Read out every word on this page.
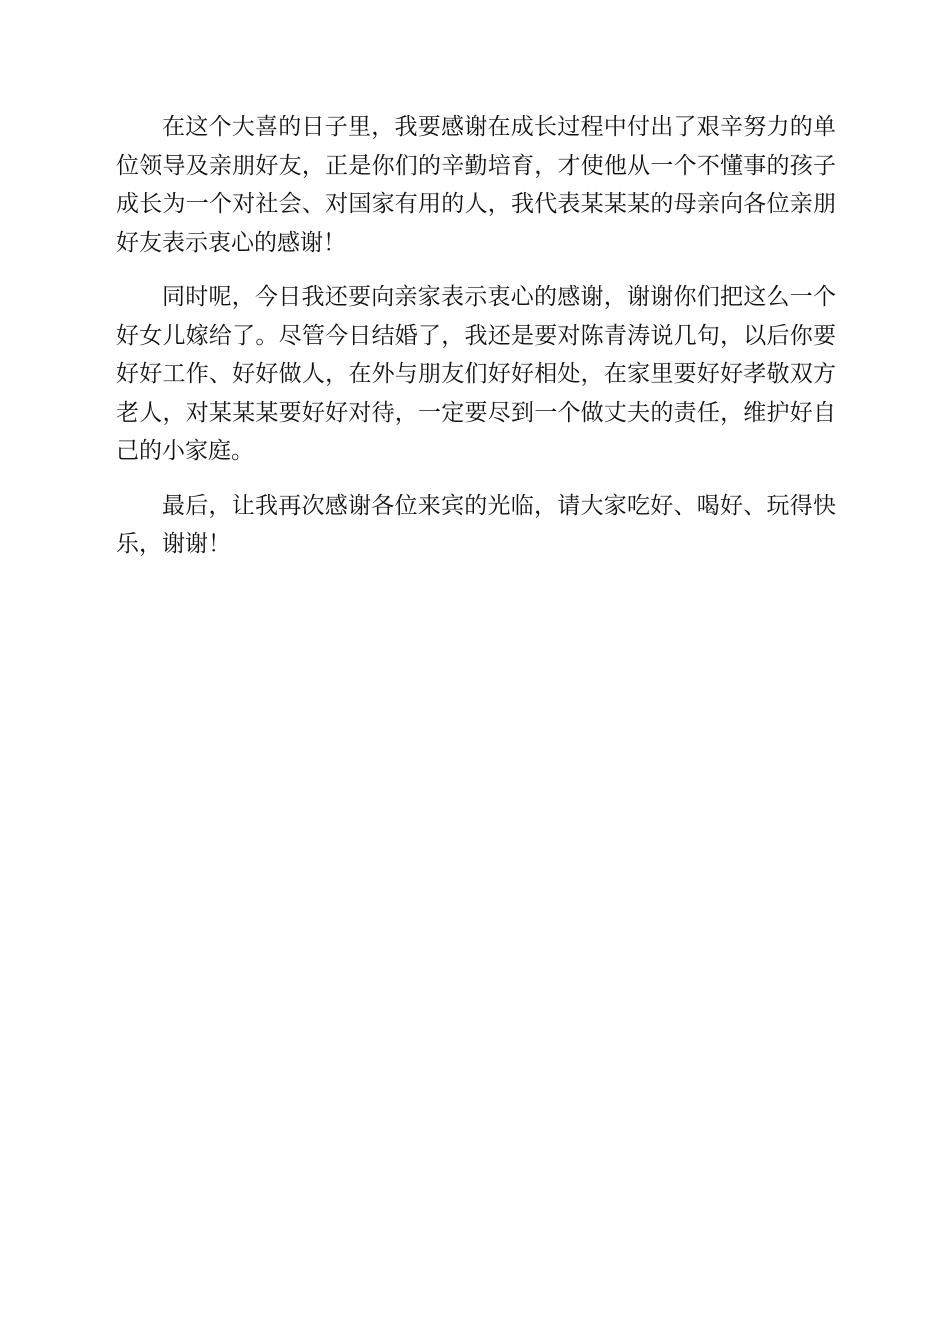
在这个大喜的日子里，我要感谢在成长过程中付出了艰辛努力的单位领导及亲朋好友，正是你们的辛勤培育，才使他从一个不懂事的孩子成长为一个对社会、对国家有用的人，我代表某某某的母亲向各位亲朋好友表示衷心的感谢！

同时呢，今日我还要向亲家表示衷心的感谢，谢谢你们把这么一个好女儿嫁给了。尽管今日结婚了，我还是要对陈青涛说几句，以后你要好好工作、好好做人，在外与朋友们好好相处，在家里要好好孝敬双方老人，对某某某要好好对待，一定要尽到一个做丈夫的责任，维护好自己的小家庭。

最后，让我再次感谢各位来宾的光临，请大家吃好、喝好、玩得快乐，谢谢！
